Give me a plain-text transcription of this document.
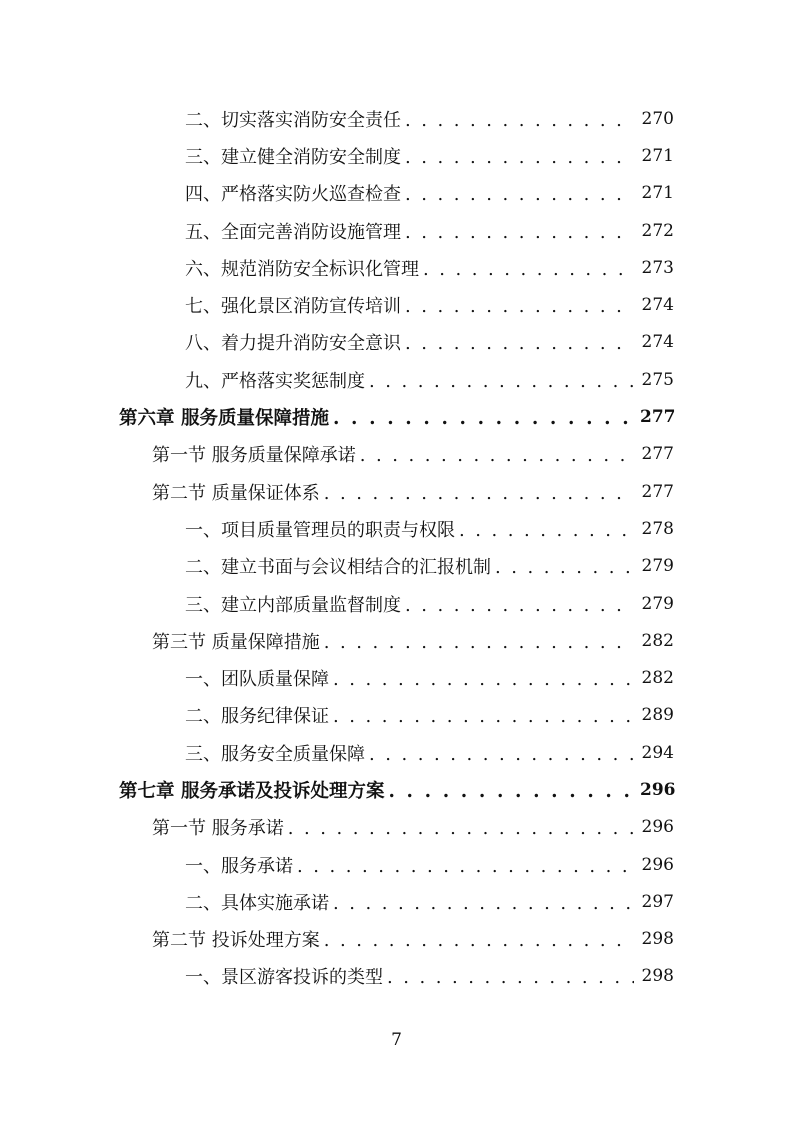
二、切实落实消防安全责任 . . .	270
三、建立健全消防安全制度 . . .	271
四、严格落实防火巡查检查 . . .	271
五、全面完善消防设施管理 . . .	272
六、规范消防安全标识化管理 . . .	273
七、强化景区消防宣传培训 . . .	274
八、着力提升消防安全意识 . . .	274
九、严格落实奖惩制度 . . .	275
第六章 服务质量保障措施 . . .	277
第一节 服务质量保障承诺 . . .	277
第二节 质量保证体系 . . .	277
一、项目质量管理员的职责与权限 . . .	278
二、建立书面与会议相结合的汇报机制 . . .	279
三、建立内部质量监督制度 . . .	279
第三节 质量保障措施 . . .	282
一、团队质量保障 . . .	282
二、服务纪律保证 . . .	289
三、服务安全质量保障 . . .	294
第七章 服务承诺及投诉处理方案 . . .	296
第一节 服务承诺 . . .	296
一、服务承诺 . . .	296
二、具体实施承诺 . . .	297
第二节 投诉处理方案 . . .	298
一、景区游客投诉的类型 . . .	298
7
